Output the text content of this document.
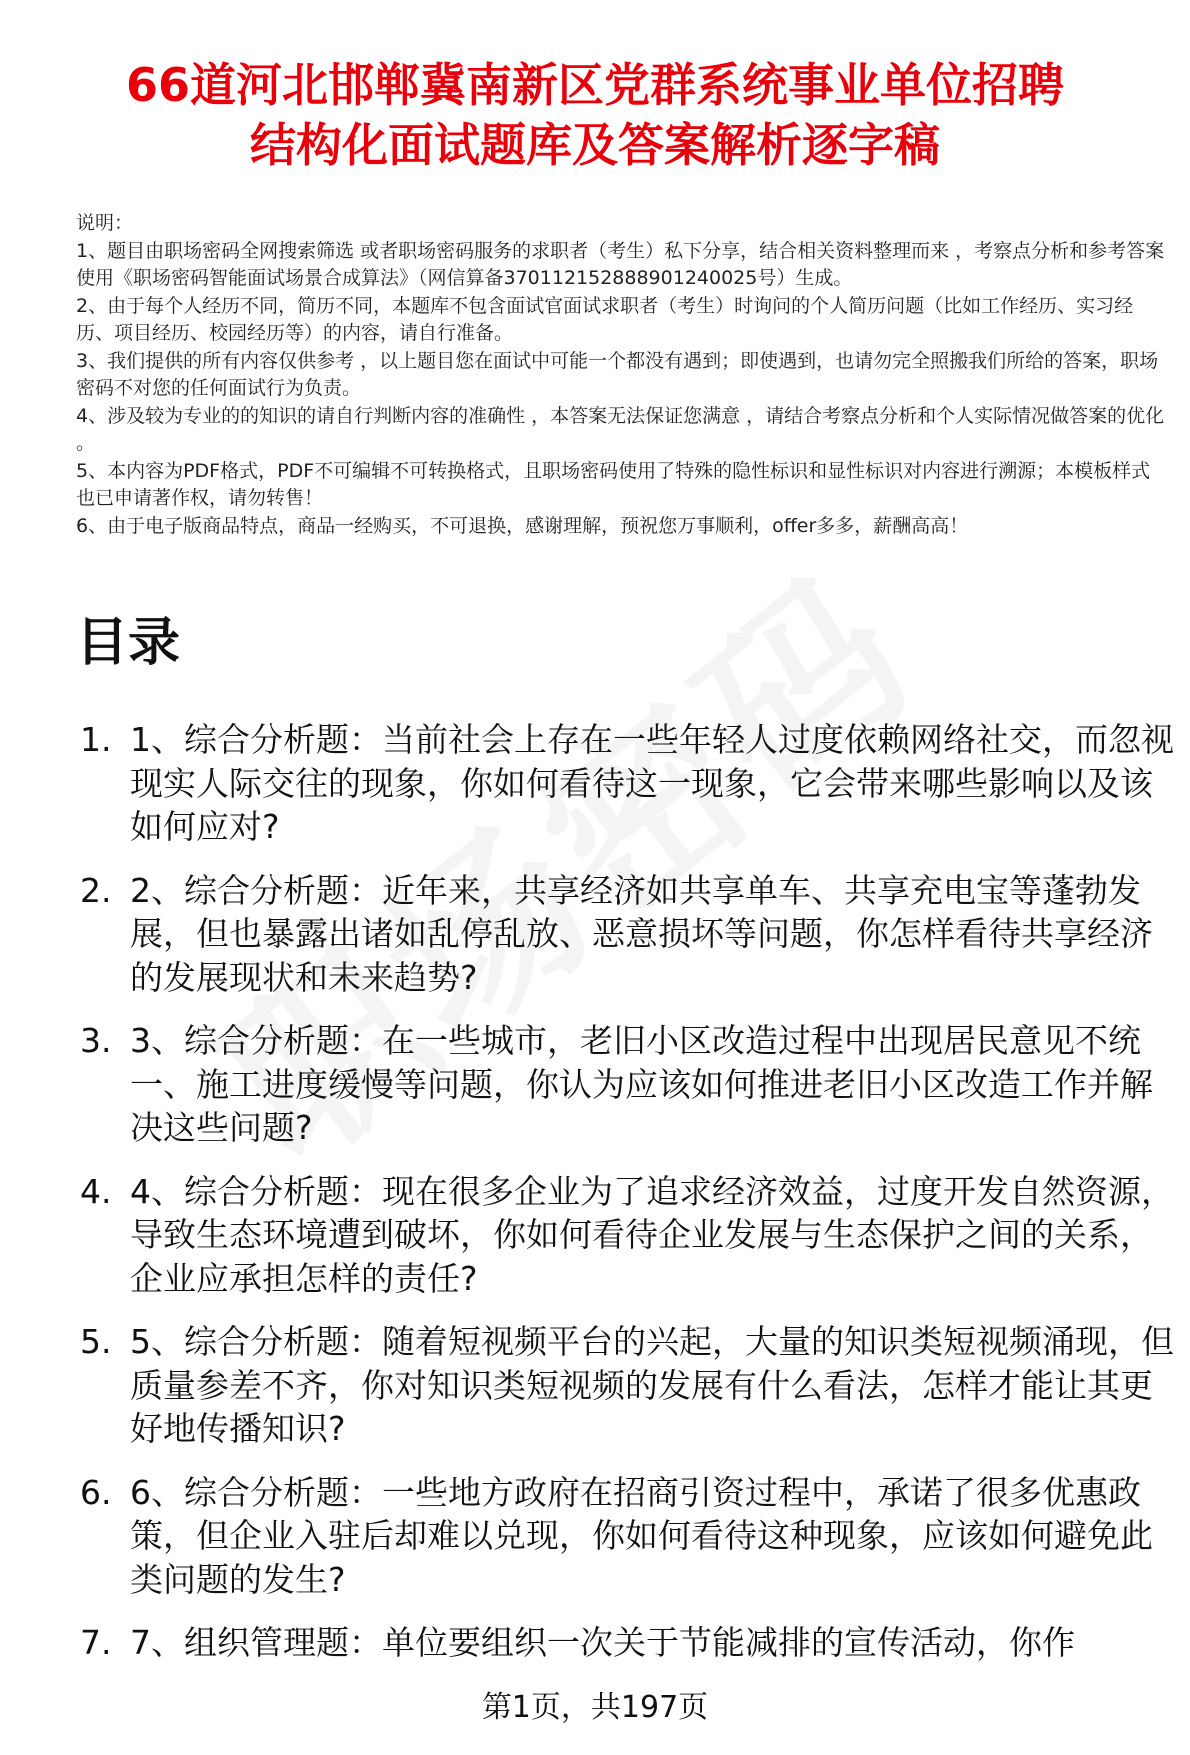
66道河北邯郸冀南新区党群系统事业单位招聘
结构化面试题库及答案解析逐字稿

说明：

1、题目由职场密码全网搜索筛选 或者职场密码服务的求职者（考生）私下分享，结合相关资料整理而来 ，考察点分析和参考答案使用《职场密码智能面试场景合成算法》（网信算备370112152888901240025号）生成。

2、由于每个人经历不同，简历不同，本题库不包含面试官面试求职者（考生）时询问的个人简历问题（比如工作经历、实习经历、项目经历、校园经历等）的内容，请自行准备。

3、我们提供的所有内容仅供参考 ，以上题目您在面试中可能一个都没有遇到；即使遇到，也请勿完全照搬我们所给的答案，职场密码不对您的任何面试行为负责。

4、涉及较为专业的的知识的请自行判断内容的准确性 ，本答案无法保证您满意 ，请结合考察点分析和个人实际情况做答案的优化 。

5、本内容为PDF格式，PDF不可编辑不可转换格式，且职场密码使用了特殊的隐性标识和显性标识对内容进行溯源；本模板样式也已申请著作权，请勿转售！

6、由于电子版商品特点，商品一经购买，不可退换，感谢理解，预祝您万事顺利，offer多多，薪酬高高！

目录
1. 1、综合分析题：当前社会上存在一些年轻人过度依赖网络社交，而忽视现实人际交往的现象，你如何看待这一现象，它会带来哪些影响以及该如何应对?
2. 2、综合分析题：近年来，共享经济如共享单车、共享充电宝等蓬勃发展，但也暴露出诸如乱停乱放、恶意损坏等问题，你怎样看待共享经济的发展现状和未来趋势?
3. 3、综合分析题：在一些城市，老旧小区改造过程中出现居民意见不统一、施工进度缓慢等问题，你认为应该如何推进老旧小区改造工作并解决这些问题?
4. 4、综合分析题：现在很多企业为了追求经济效益，过度开发自然资源，导致生态环境遭到破坏，你如何看待企业发展与生态保护之间的关系，企业应承担怎样的责任?
5. 5、综合分析题：随着短视频平台的兴起，大量的知识类短视频涌现，但质量参差不齐，你对知识类短视频的发展有什么看法，怎样才能让其更好地传播知识?
6. 6、综合分析题：一些地方政府在招商引资过程中，承诺了很多优惠政策，但企业入驻后却难以兑现，你如何看待这种现象，应该如何避免此类问题的发生?
7. 7、组织管理题：单位要组织一次关于节能减排的宣传活动，你作
第1页，共197页
